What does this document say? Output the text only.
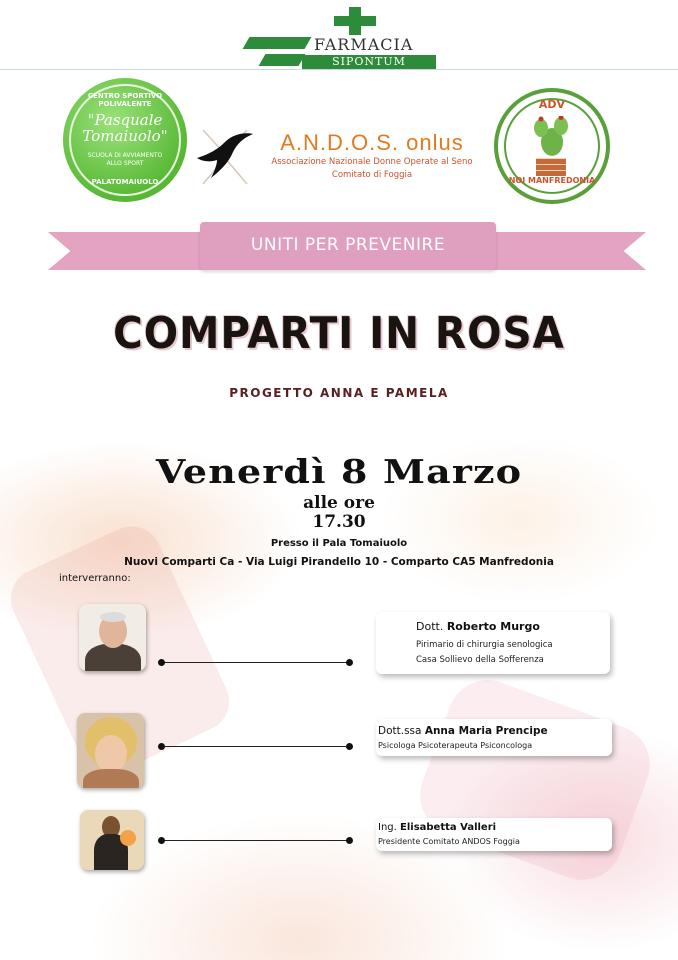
FARMACIA
SIPONTUM
CENTRO SPORTIVO POLIVALENTE
"Pasquale
Tomaiuolo"
SCUOLA DI AVVIAMENTO
ALLO SPORT
PALATOMAIUOLO
A.N.D.O.S. onlus
Associazione Nazionale Donne Operate al Seno
Comitato di Foggia
ADV
NOI MANFREDONIA
UNITI PER PREVENIRE
COMPARTI IN ROSA
PROGETTO ANNA E PAMELA
Venerdì 8 Marzo
alle ore
17.30
Presso il Pala Tomaiuolo
Nuovi Comparti Ca - Via Luigi Pirandello 10 - Comparto CA5 Manfredonia
interverranno:
Dott. Roberto Murgo
Pirimario di chirurgia senologica
Casa Sollievo della Sofferenza
Dott.ssa Anna Maria Prencipe
Psicologa Psicoterapeuta Psiconcologa
Ing. Elisabetta Valleri
Presidente Comitato ANDOS Foggia
